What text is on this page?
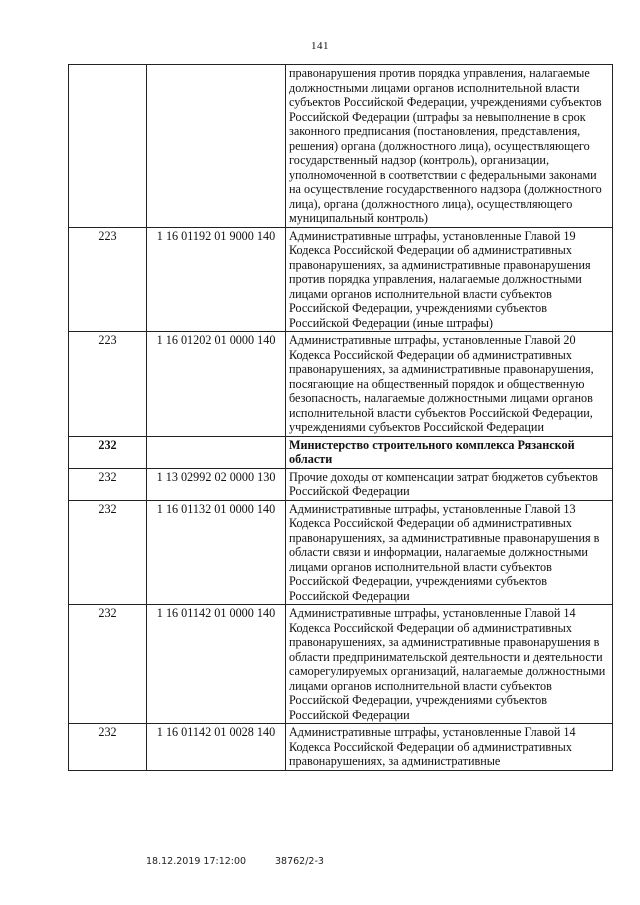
141
		правонарушения против порядка управления, налагаемые должностными лицами органов исполнительной власти субъектов Российской Федерации, учреждениями субъектов Российской Федерации (штрафы за невыполнение в срок законного предписания (постановления, представления, решения) органа (должностного лица), осуществляющего государственный надзор (контроль), организации, уполномоченной в соответствии с федеральными законами на осуществление государственного надзора (должностного лица), органа (должностного лица), осуществляющего муниципальный контроль)
223	1 16 01192 01 9000 140	Административные штрафы, установленные Главой 19 Кодекса Российской Федерации об административных правонарушениях, за административные правонарушения против порядка управления, налагаемые должностными лицами органов исполнительной власти субъектов Российской Федерации, учреждениями субъектов Российской Федерации (иные штрафы)
223	1 16 01202 01 0000 140	Административные штрафы, установленные Главой 20 Кодекса Российской Федерации об административных правонарушениях, за административные правонарушения, посягающие на общественный порядок и общественную безопасность, налагаемые должностными лицами органов исполнительной власти субъектов Российской Федерации, учреждениями субъектов Российской Федерации
232		Министерство строительного комплекса Рязанской области
232	1 13 02992 02 0000 130	Прочие доходы от компенсации затрат бюджетов субъектов Российской Федерации
232	1 16 01132 01 0000 140	Административные штрафы, установленные Главой 13 Кодекса Российской Федерации об административных правонарушениях, за административные правонарушения в области связи и информации, налагаемые должностными лицами органов исполнительной власти субъектов Российской Федерации, учреждениями субъектов Российской Федерации
232	1 16 01142 01 0000 140	Административные штрафы, установленные Главой 14 Кодекса Российской Федерации об административных правонарушениях, за административные правонарушения в области предпринимательской деятельности и деятельности саморегулируемых организаций, налагаемые должностными лицами органов исполнительной власти субъектов Российской Федерации, учреждениями субъектов Российской Федерации
232	1 16 01142 01 0028 140	Административные штрафы, установленные Главой 14 Кодекса Российской Федерации об административных правонарушениях, за административные
18.12.2019 17:12:00	38762/2-3
